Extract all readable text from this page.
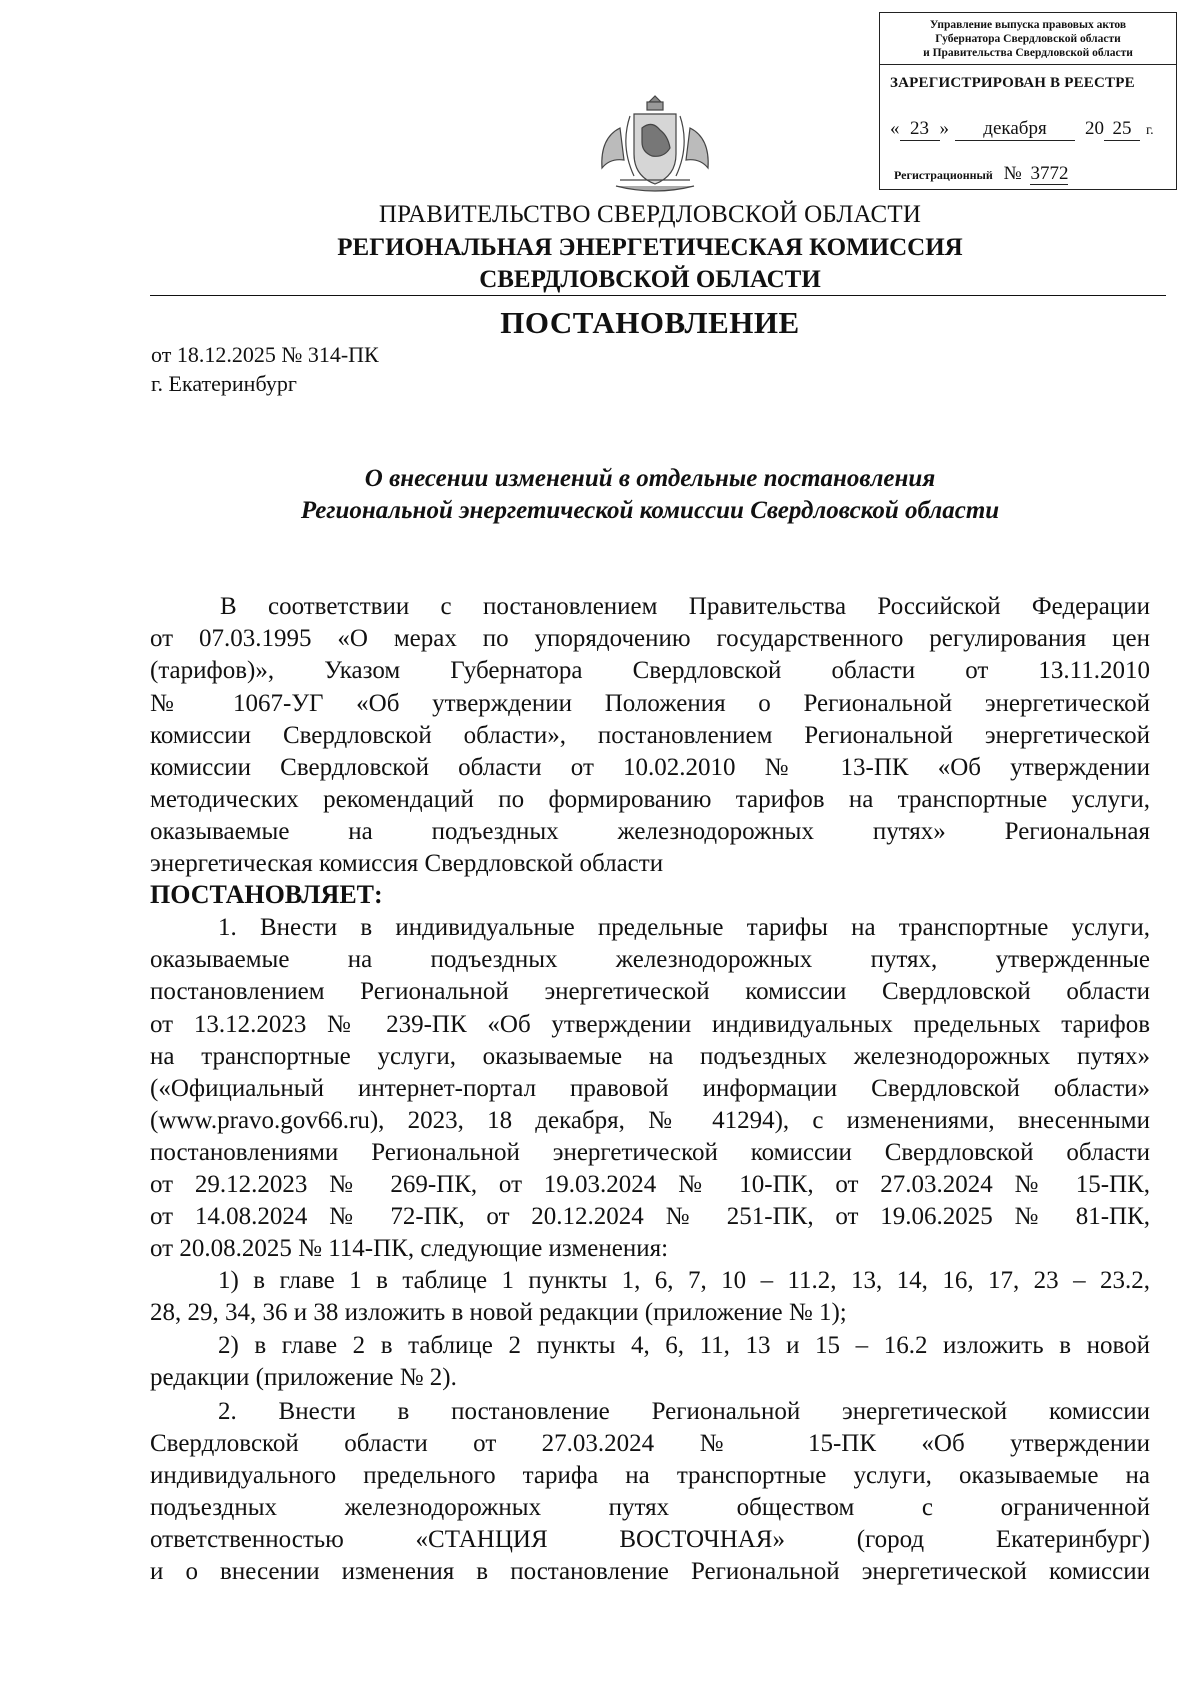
Управление выпуска правовых актов
Губернатора Свердловской области
и Правительства Свердловской области
ЗАРЕГИСТРИРОВАН В РЕЕСТРЕ
« 23 » декабря 20 25 г.
Регистрационный № 3772
ПРАВИТЕЛЬСТВО СВЕРДЛОВСКОЙ ОБЛАСТИ
РЕГИОНАЛЬНАЯ ЭНЕРГЕТИЧЕСКАЯ КОМИССИЯ
СВЕРДЛОВСКОЙ ОБЛАСТИ
ПОСТАНОВЛЕНИЕ
от 18.12.2025 № 314-ПК
г. Екатеринбург
О внесении изменений в отдельные постановления
Региональной энергетической комиссии Свердловской области
В соответствии с постановлением Правительства Российской Федерации
от 07.03.1995 «О мерах по упорядочению государственного регулирования цен
(тарифов)», Указом Губернатора Свердловской области от 13.11.2010
№ 1067-УГ «Об утверждении Положения о Региональной энергетической
комиссии Свердловской области», постановлением Региональной энергетической
комиссии Свердловской области от 10.02.2010 № 13-ПК «Об утверждении
методических рекомендаций по формированию тарифов на транспортные услуги,
оказываемые на подъездных железнодорожных путях» Региональная
энергетическая комиссия Свердловской области
ПОСТАНОВЛЯЕТ:
1. Внести в индивидуальные предельные тарифы на транспортные услуги,
оказываемые на подъездных железнодорожных путях, утвержденные
постановлением Региональной энергетической комиссии Свердловской области
от 13.12.2023 № 239-ПК «Об утверждении индивидуальных предельных тарифов
на транспортные услуги, оказываемые на подъездных железнодорожных путях»
(«Официальный интернет-портал правовой информации Свердловской области»
(www.pravo.gov66.ru), 2023, 18 декабря, № 41294), с изменениями, внесенными
постановлениями Региональной энергетической комиссии Свердловской области
от 29.12.2023 № 269-ПК, от 19.03.2024 № 10-ПК, от 27.03.2024 № 15-ПК,
от 14.08.2024 № 72-ПК, от 20.12.2024 № 251-ПК, от 19.06.2025 № 81-ПК,
от 20.08.2025 № 114-ПК, следующие изменения:
1) в главе 1 в таблице 1 пункты 1, 6, 7, 10 – 11.2, 13, 14, 16, 17, 23 – 23.2,
28, 29, 34, 36 и 38 изложить в новой редакции (приложение № 1);
2) в главе 2 в таблице 2 пункты 4, 6, 11, 13 и 15 – 16.2 изложить в новой
редакции (приложение № 2).
2. Внести в постановление Региональной энергетической комиссии
Свердловской области от 27.03.2024 № 15-ПК «Об утверждении
индивидуального предельного тарифа на транспортные услуги, оказываемые на
подъездных железнодорожных путях обществом с ограниченной
ответственностью «СТАНЦИЯ ВОСТОЧНАЯ» (город Екатеринбург)
и о внесении изменения в постановление Региональной энергетической комиссии
